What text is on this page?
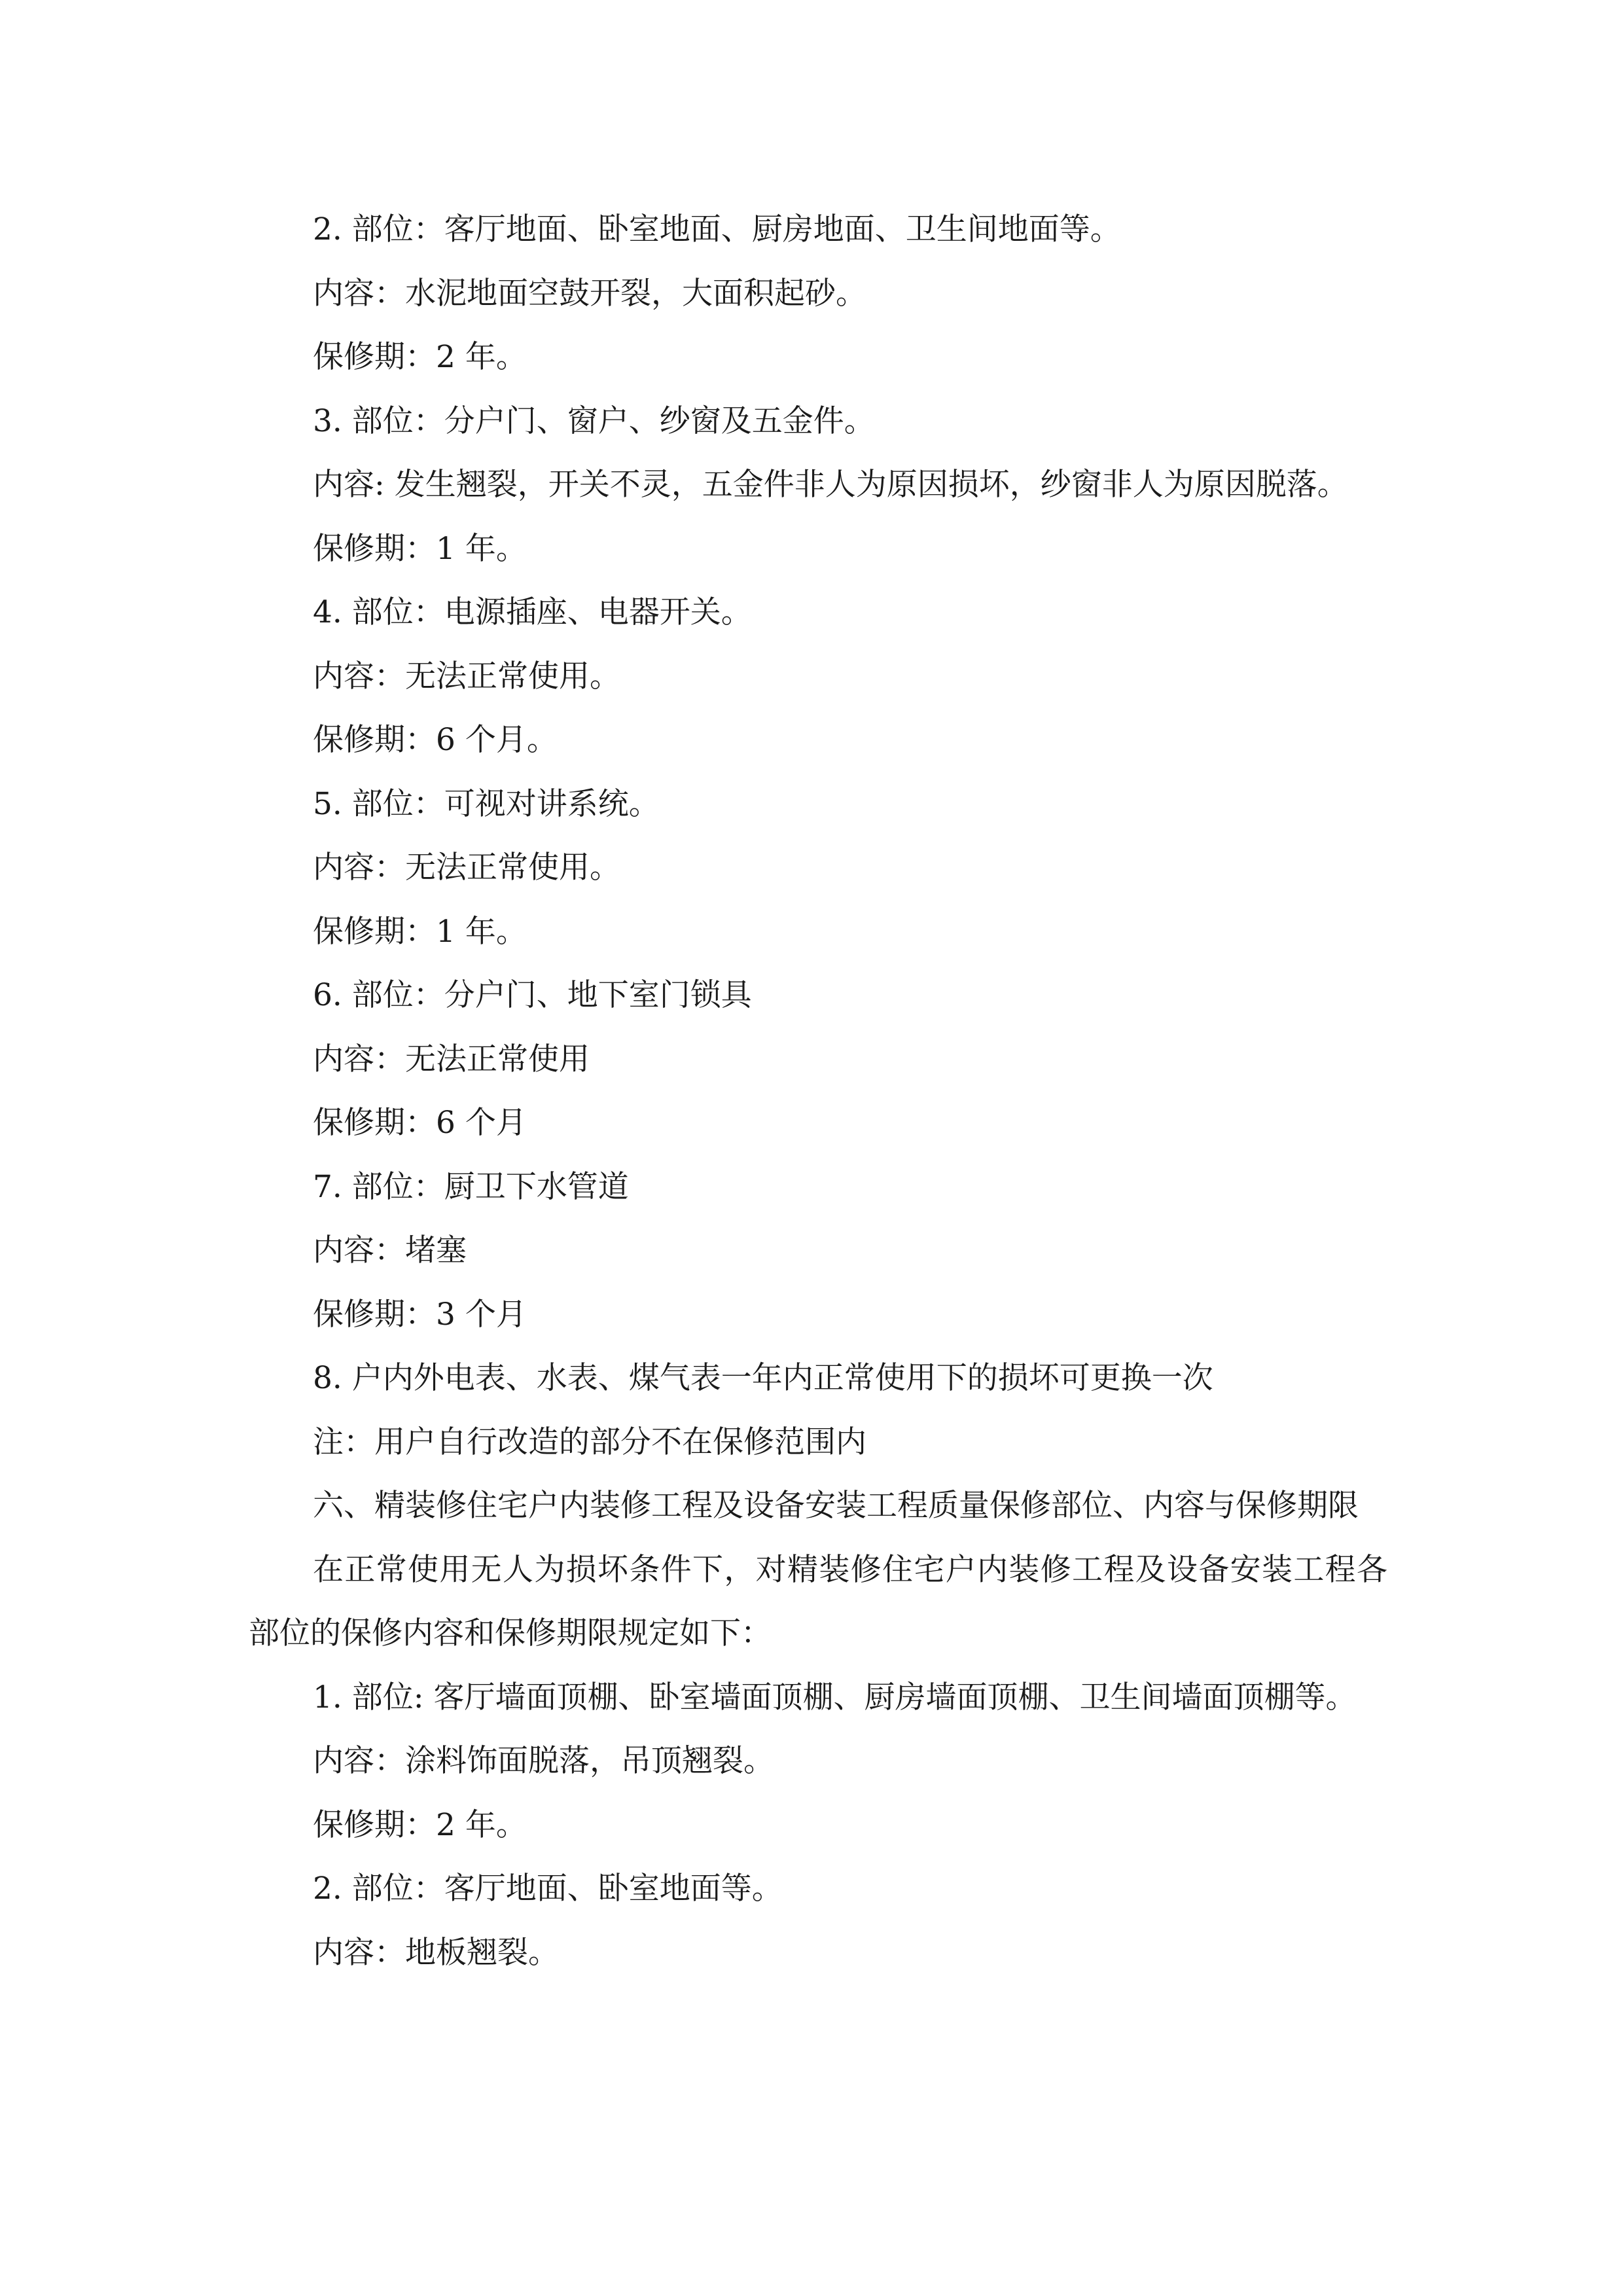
2. 部位：客厅地面、卧室地面、厨房地面、卫生间地面等。

内容：水泥地面空鼓开裂，大面积起砂。

保修期：2 年。

3. 部位：分户门、窗户、纱窗及五金件。

内容: 发生翘裂，开关不灵，五金件非人为原因损坏，纱窗非人为原因脱落。

保修期：1 年。

4. 部位：电源插座、电器开关。

内容：无法正常使用。

保修期：6 个月。

5. 部位：可视对讲系统。

内容：无法正常使用。

保修期：1 年。

6. 部位：分户门、地下室门锁具

内容：无法正常使用

保修期：6 个月

7. 部位：厨卫下水管道

内容：堵塞

保修期：3 个月

8. 户内外电表、水表、煤气表一年内正常使用下的损坏可更换一次

注：用户自行改造的部分不在保修范围内

六、精装修住宅户内装修工程及设备安装工程质量保修部位、内容与保修期限

在正常使用无人为损坏条件下，对精装修住宅户内装修工程及设备安装工程各部位的保修内容和保修期限规定如下：

1. 部位: 客厅墙面顶棚、卧室墙面顶棚、厨房墙面顶棚、卫生间墙面顶棚等。

内容：涂料饰面脱落，吊顶翘裂。

保修期：2 年。

2. 部位：客厅地面、卧室地面等。

内容：地板翘裂。
